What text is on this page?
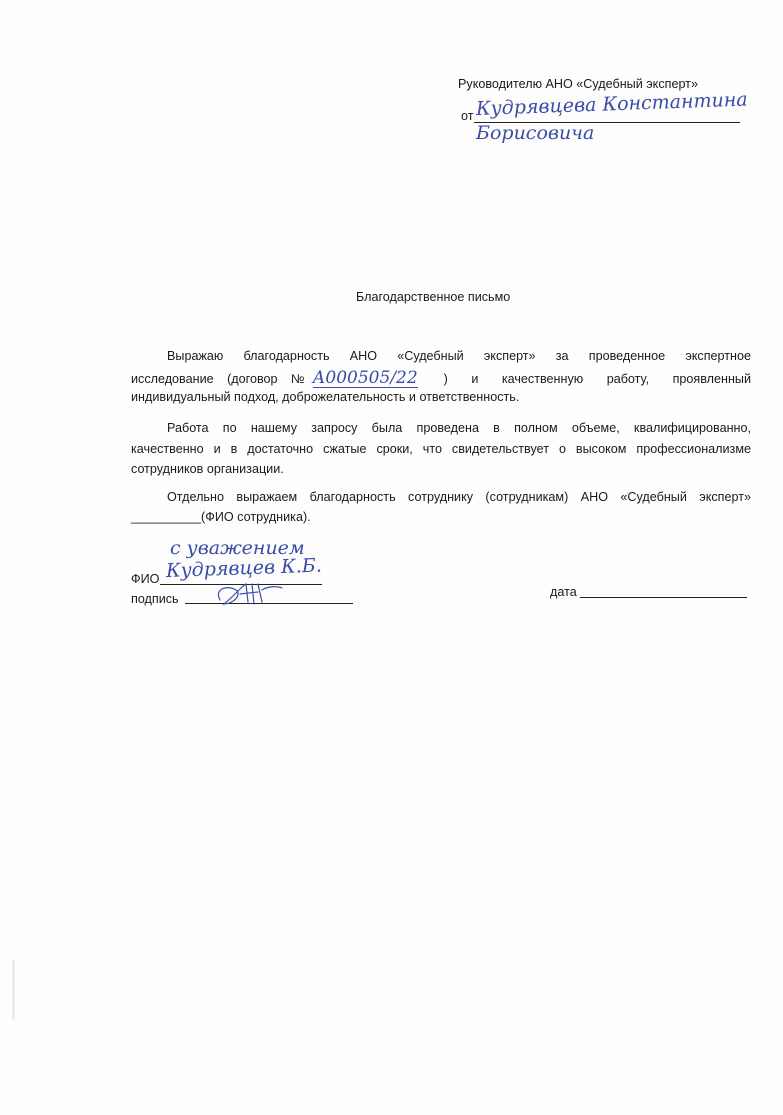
Руководителю АНО «Судебный эксперт»
от Кудрявцева Константина
Борисовича
Благодарственное письмо
Выражаю благодарность АНО «Судебный эксперт» за проведенное экспертное
исследование (договор № А000505/22 ) и качественную работу, проявленный
индивидуальный подход, доброжелательность и ответственность.
Работа по нашему запросу была проведена в полном объеме, квалифицированно,
качественно и в достаточно сжатые сроки, что свидетельствует о высоком профессионализме
сотрудников организации.
Отдельно выражаем благодарность сотруднику (сотрудникам) АНО «Судебный эксперт»
__________(ФИО сотрудника).
с уважением
ФИО Кудрявцев К.Б.
подпись	дата
